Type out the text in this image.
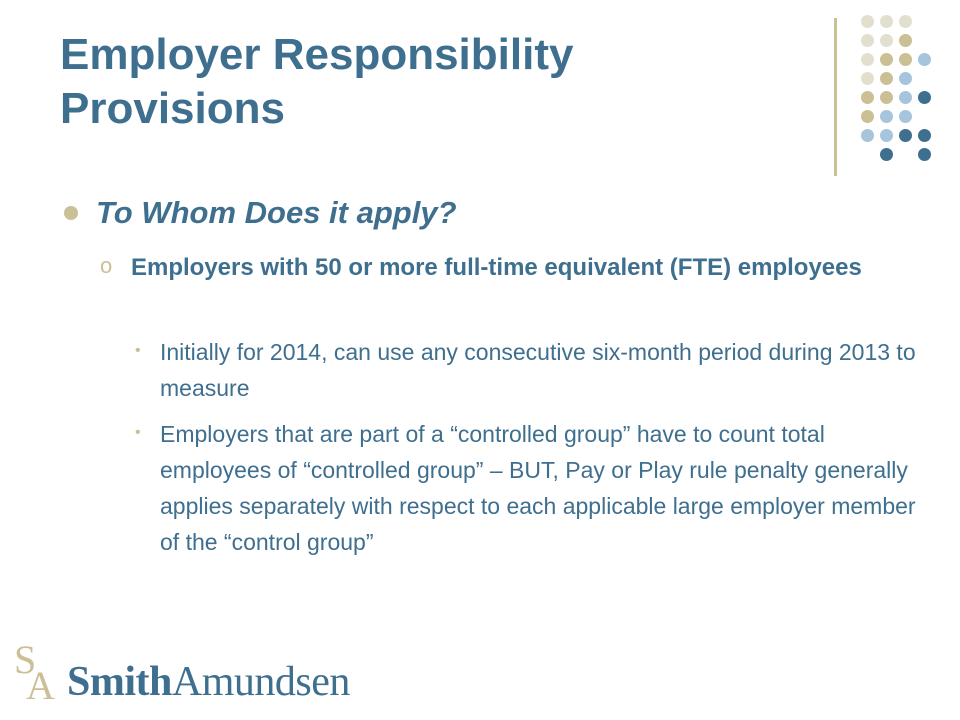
Employer Responsibility Provisions
To Whom Does it apply?
o Employers with 50 or more full-time equivalent (FTE) employees
• Initially for 2014, can use any consecutive six-month period during 2013 to measure
• Employers that are part of a “controlled group” have to count total employees of “controlled group” – BUT, Pay or Play rule penalty generally applies separately with respect to each applicable large employer member of the “control group”
S
A SmithAmundsen
